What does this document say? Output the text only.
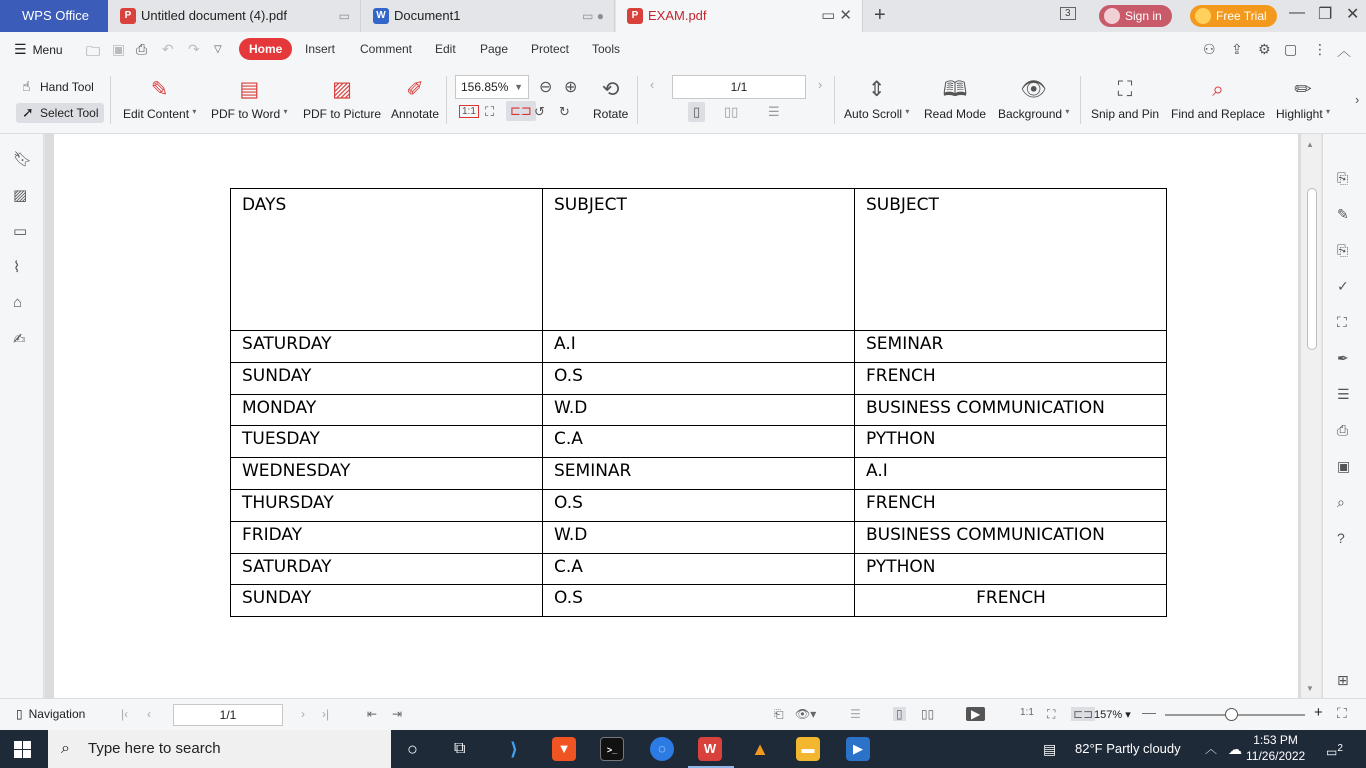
WPS Office	P Untitled document (4).pdf	▭	W Document1	▭ ●	P EXAM.pdf	▭ ✕ +	3	Sign in	Free Trial	— ❐ ✕
☰ Menu 🗀 ▣ ⎙ ↶ ↷ ▽	Home	Insert Comment Edit Page Protect Tools	⚇ ⇪ ⚙ ▢ ⋮ ︿
☝ Hand Tool
➚ Select Tool
✎
Edit Content ▾
▤
PDF to Word ▾
▨
PDF to Picture
✐
Annotate
156.85% ▼ ⊖ ⊕
1:1 ⛶	⊏⊐ ↺ ↻
⟲
Rotate
‹	1/1	›
▯	▯▯ ☰
⇕
Auto Scroll ▾
🕮
Read Mode
👁
Background ▾
⛶
Snip and Pin
⌕
Find and Replace
✏
Highlight ▾
›
🔖︎
▨
▭
⌇
⌂
✍
DAYS	SUBJECT	SUBJECT
SATURDAY	A.I	SEMINAR
SUNDAY	O.S	FRENCH
MONDAY	W.D	BUSINESS COMMUNICATION
TUESDAY	C.A	PYTHON
WEDNESDAY	SEMINAR	A.I
THURSDAY	O.S	FRENCH
FRIDAY	W.D	BUSINESS COMMUNICATION
SATURDAY	C.A	PYTHON
SUNDAY	O.S	FRENCH
▲
▼
⎘
✎
⎘
✓
⛶
✒
☰
⎙
▣
⌕
?
⊞
▯ Navigation	|‹ ‹	1/1	› ›|	⇤ ⇥	⎗ 👁▾	☰	▯ ▯▯	▶	1:1 ⛶ ⊏⊐ 157% ▾ —	+ ⛶
⌕ Type here to search	○ ⧉	⟩	▼	>_	◌	W	▲	▬	▶	▤ 82°F Partly cloudy ︿ ☁
1:53 PM
11/26/2022 ▭$^2$
